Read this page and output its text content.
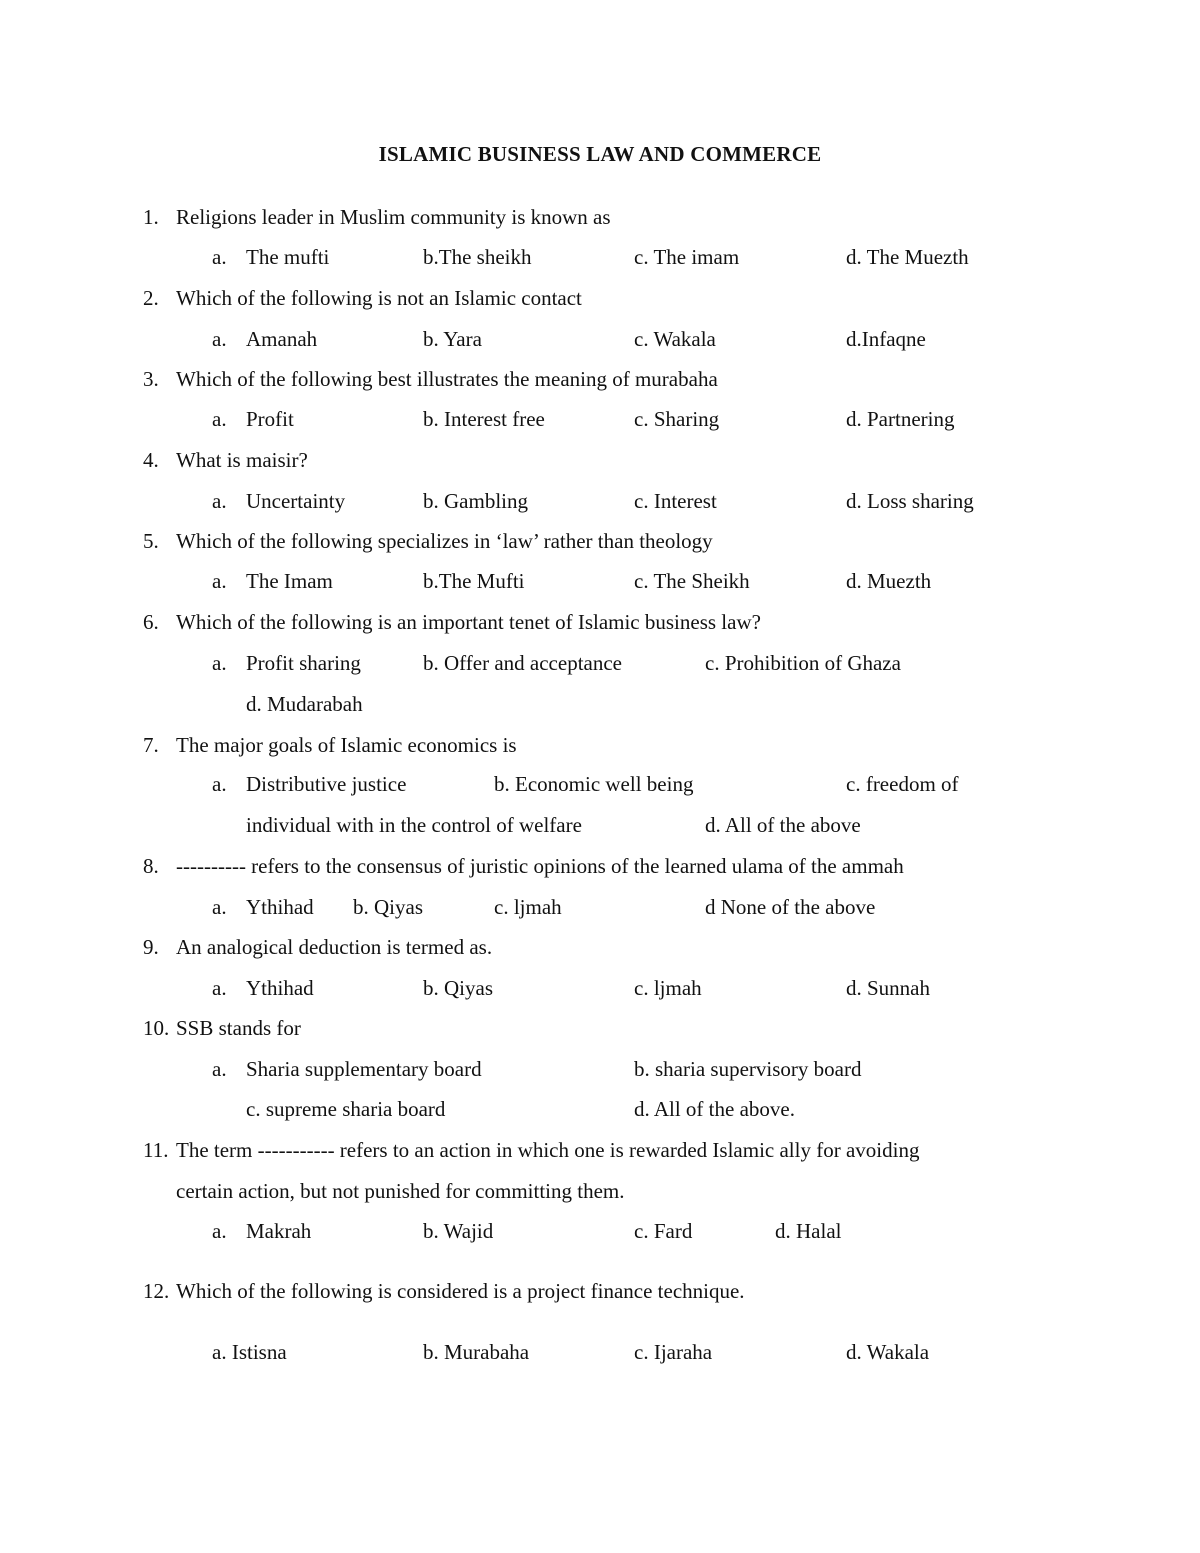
ISLAMIC BUSINESS LAW AND COMMERCE
1. Religions leader in Muslim community is known as
a. The mufti	b.The sheikh	c. The imam	d. The Muezth
2. Which of the following is not an Islamic contact
a. Amanah	b. Yara	c. Wakala	d.Infaqne
3. Which of the following best illustrates the meaning of murabaha
a. Profit	b. Interest free	c. Sharing	d. Partnering
4. What is maisir?
a. Uncertainty	b. Gambling	c. Interest	d. Loss sharing
5. Which of the following specializes in ‘law’ rather than theology
a. The Imam	b.The Mufti	c. The Sheikh	d. Muezth
6. Which of the following is an important tenet of Islamic business law?
a. Profit sharing	b. Offer and acceptance	c. Prohibition of Ghaza
d. Mudarabah
7. The major goals of Islamic economics is
a. Distributive justice	b. Economic well being	c. freedom of
individual with in the control of welfare	d. All of the above
8. ---------- refers to the consensus of juristic opinions of the learned ulama of the ammah
a. Ythihad b. Qiyas	c. ljmah	d None of the above
9. An analogical deduction is termed as.
a. Ythihad	b. Qiyas	c. ljmah	d. Sunnah
10. SSB stands for
a. Sharia supplementary board	b. sharia supervisory board
c. supreme sharia board	d. All of the above.
11. The term ----------- refers to an action in which one is rewarded Islamic ally for avoiding
certain action, but not punished for committing them.
a. Makrah	b. Wajid	c. Fard	d. Halal
12. Which of the following is considered is a project finance technique.
a. Istisna	b. Murabaha	c. Ijaraha	d. Wakala
